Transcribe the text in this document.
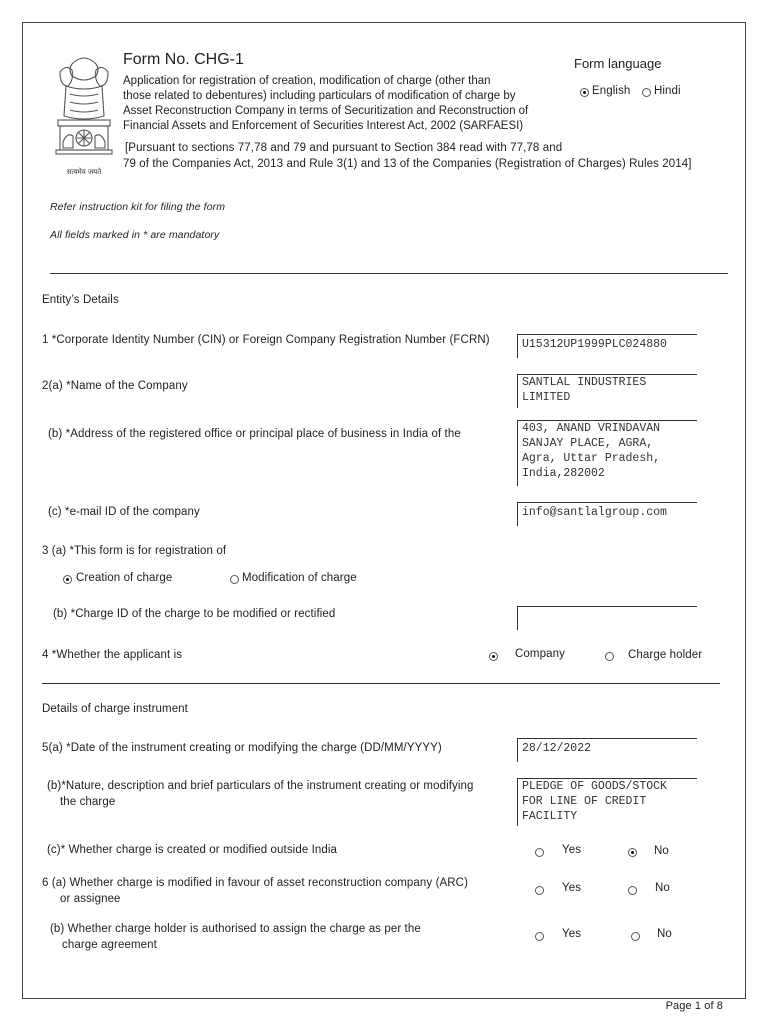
सत्यमेव जयते
Form No. CHG-1
Application for registration of creation, modification of charge (other than
those related to debentures) including particulars of modification of charge by
Asset Reconstruction Company in terms of Securitization and Reconstruction of
Financial Assets and Enforcement of Securities Interest Act, 2002 (SARFAESI)
[Pursuant to sections 77,78 and 79 and pursuant to Section 384 read with 77,78 and
79 of the Companies Act, 2013 and Rule 3(1) and 13 of the Companies (Registration of Charges) Rules 2014]
Form language
English Hindi
Refer instruction kit for filing the form
All fields marked in * are mandatory
Entity’s Details
1 *Corporate Identity Number (CIN) or Foreign Company Registration Number (FCRN)	U15312UP1999PLC024880
2(a) *Name of the Company	SANTLAL INDUSTRIES
LIMITED
(b) *Address of the registered office or principal place of business in India of the	403, ANAND VRINDAVAN
SANJAY PLACE, AGRA,
Agra, Uttar Pradesh,
India,282002
(c) *e-mail ID of the company	info@santlalgroup.com
3 (a) *This form is for registration of
Creation of charge	Modification of charge
(b) *Charge ID of the charge to be modified or rectified
4 *Whether the applicant is	Company	Charge holder
Details of charge instrument
5(a) *Date of the instrument creating or modifying the charge (DD/MM/YYYY)	28/12/2022
(b)*Nature, description and brief particulars of the instrument creating or modifying
the charge
PLEDGE OF GOODS/STOCK
FOR LINE OF CREDIT
FACILITY
(c)* Whether charge is created or modified outside India	Yes	No
6 (a) Whether charge is modified in favour of asset reconstruction company (ARC)
or assignee
Yes	No
(b) Whether charge holder is authorised to assign the charge as per the
charge agreement
Yes	No
Page 1 of 8
